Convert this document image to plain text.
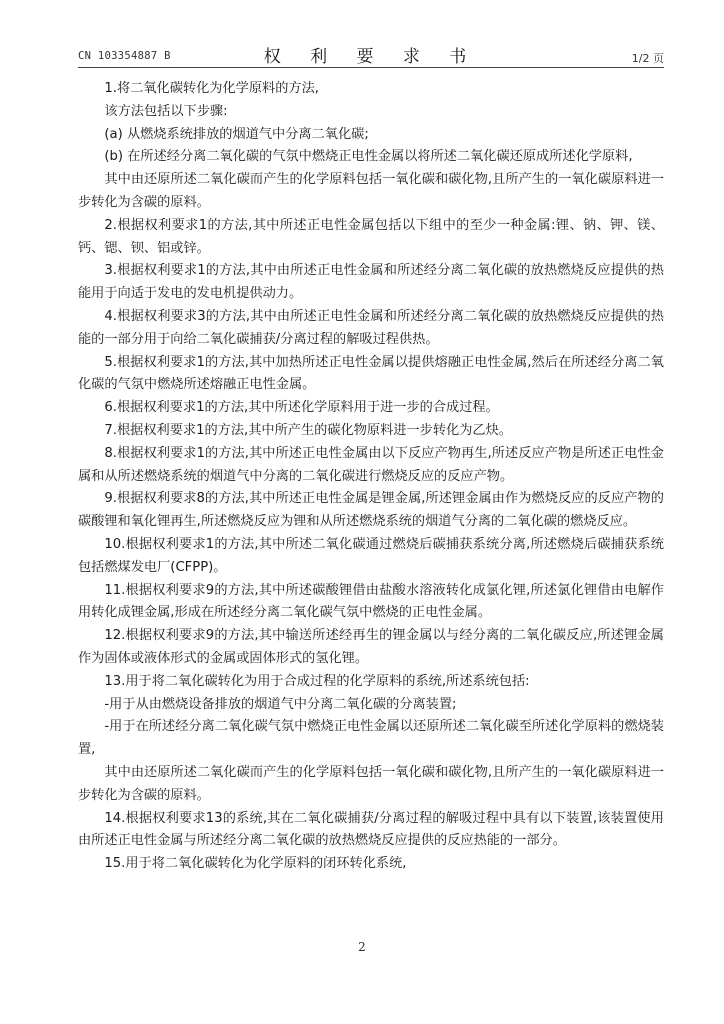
CN 103354887 B	权 利 要 求 书	1/2 页

1.将二氧化碳转化为化学原料的方法,

该方法包括以下步骤:

(a) 从燃烧系统排放的烟道气中分离二氧化碳;

(b) 在所述经分离二氧化碳的气氛中燃烧正电性金属以将所述二氧化碳还原成所述化学原料,

其中由还原所述二氧化碳而产生的化学原料包括一氧化碳和碳化物,且所产生的一氧化碳原料进一步转化为含碳的原料。

2.根据权利要求1的方法,其中所述正电性金属包括以下组中的至少一种金属:锂、钠、钾、镁、钙、锶、钡、铝或锌。

3.根据权利要求1的方法,其中由所述正电性金属和所述经分离二氧化碳的放热燃烧反应提供的热能用于向适于发电的发电机提供动力。

4.根据权利要求3的方法,其中由所述正电性金属和所述经分离二氧化碳的放热燃烧反应提供的热能的一部分用于向给二氧化碳捕获/分离过程的解吸过程供热。

5.根据权利要求1的方法,其中加热所述正电性金属以提供熔融正电性金属,然后在所述经分离二氧化碳的气氛中燃烧所述熔融正电性金属。

6.根据权利要求1的方法,其中所述化学原料用于进一步的合成过程。

7.根据权利要求1的方法,其中所产生的碳化物原料进一步转化为乙炔。

8.根据权利要求1的方法,其中所述正电性金属由以下反应产物再生,所述反应产物是所述正电性金属和从所述燃烧系统的烟道气中分离的二氧化碳进行燃烧反应的反应产物。

9.根据权利要求8的方法,其中所述正电性金属是锂金属,所述锂金属由作为燃烧反应的反应产物的碳酸锂和氧化锂再生,所述燃烧反应为锂和从所述燃烧系统的烟道气分离的二氧化碳的燃烧反应。

10.根据权利要求1的方法,其中所述二氧化碳通过燃烧后碳捕获系统分离,所述燃烧后碳捕获系统包括燃煤发电厂(CFPP)。

11.根据权利要求9的方法,其中所述碳酸锂借由盐酸水溶液转化成氯化锂,所述氯化锂借由电解作用转化成锂金属,形成在所述经分离二氧化碳气氛中燃烧的正电性金属。

12.根据权利要求9的方法,其中输送所述经再生的锂金属以与经分离的二氧化碳反应,所述锂金属作为固体或液体形式的金属或固体形式的氢化锂。

13.用于将二氧化碳转化为用于合成过程的化学原料的系统,所述系统包括:

-用于从由燃烧设备排放的烟道气中分离二氧化碳的分离装置;

-用于在所述经分离二氧化碳气氛中燃烧正电性金属以还原所述二氧化碳至所述化学原料的燃烧装置,

其中由还原所述二氧化碳而产生的化学原料包括一氧化碳和碳化物,且所产生的一氧化碳原料进一步转化为含碳的原料。

14.根据权利要求13的系统,其在二氧化碳捕获/分离过程的解吸过程中具有以下装置,该装置使用由所述正电性金属与所述经分离二氧化碳的放热燃烧反应提供的反应热能的一部分。

15.用于将二氧化碳转化为化学原料的闭环转化系统,

2
